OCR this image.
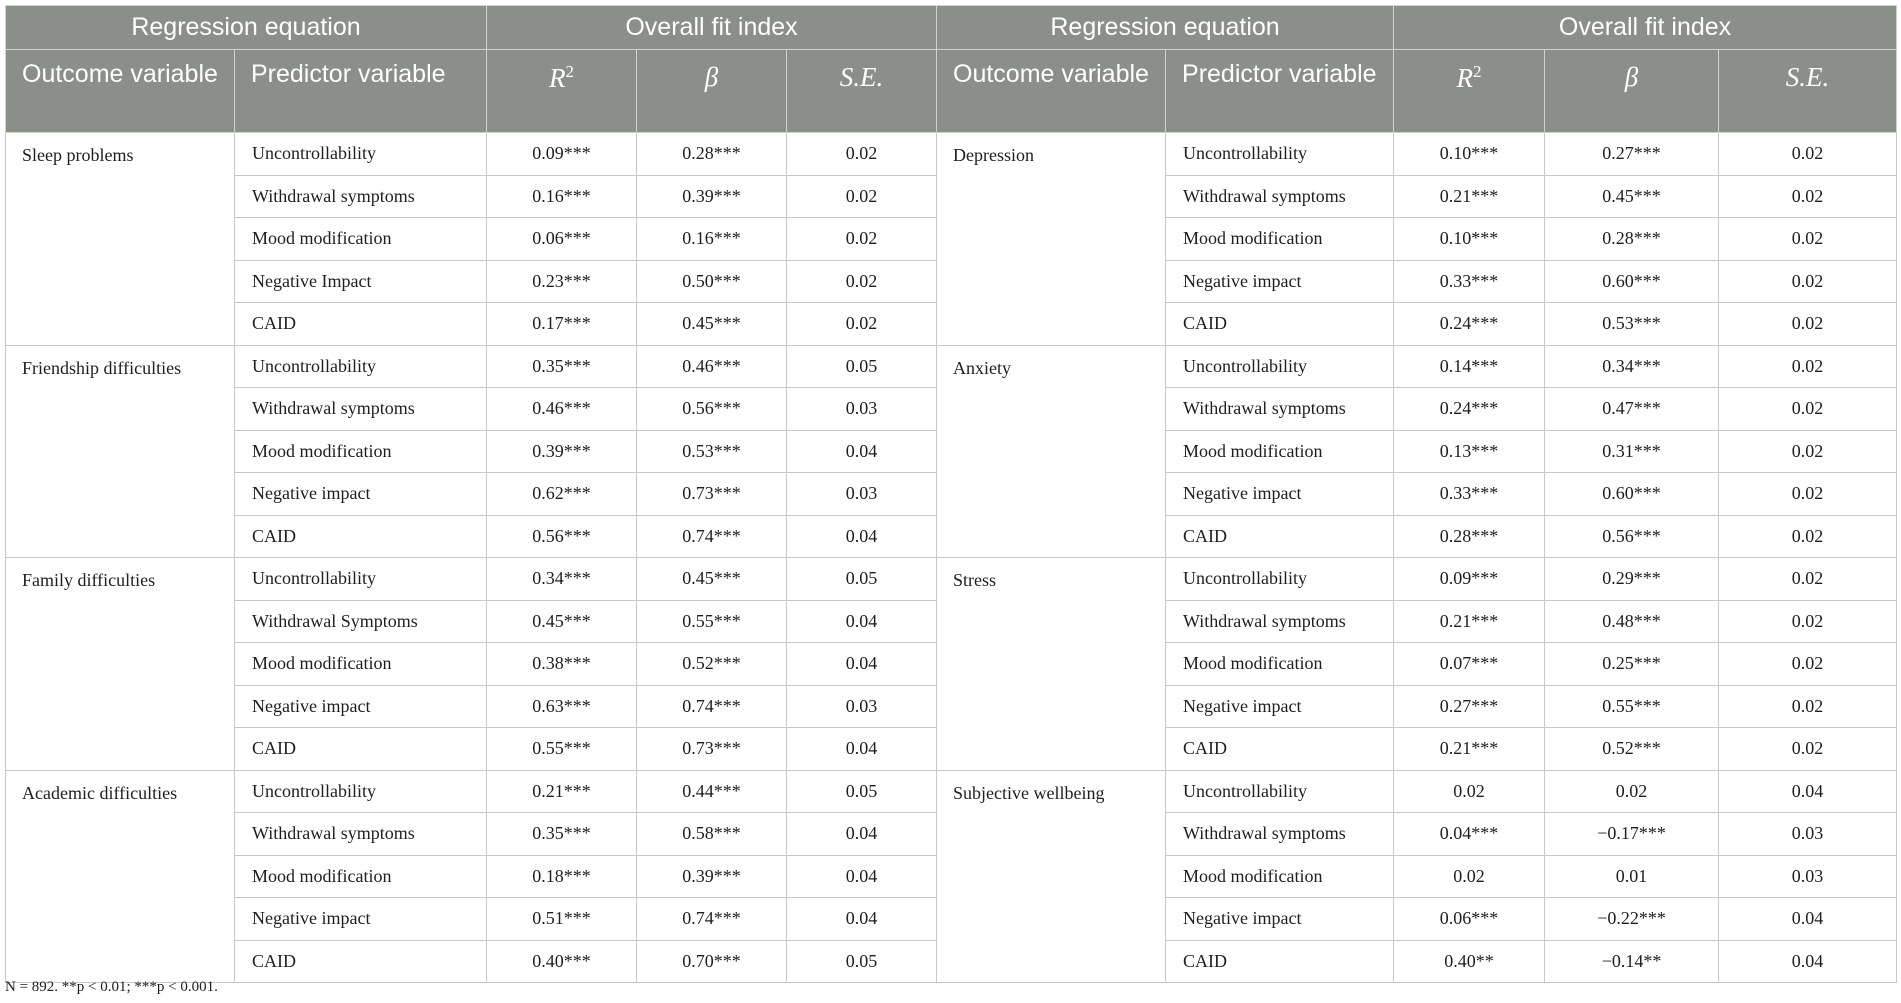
Regression equation		Overall fit index			Regression equation		Overall fit index		
Outcome variable	Predictor variable	$R^2$	β	S.E.	Outcome variable	Predictor variable	$R^2$	β	S.E.
Sleep problems	Uncontrollability	0.09***	0.28***	0.02	Depression	Uncontrollability	0.10***	0.27***	0.02
	Withdrawal symptoms	0.16***	0.39***	0.02		Withdrawal symptoms	0.21***	0.45***	0.02
	Mood modification	0.06***	0.16***	0.02		Mood modification	0.10***	0.28***	0.02
	Negative Impact	0.23***	0.50***	0.02		Negative impact	0.33***	0.60***	0.02
	CAID	0.17***	0.45***	0.02		CAID	0.24***	0.53***	0.02
Friendship difficulties	Uncontrollability	0.35***	0.46***	0.05	Anxiety	Uncontrollability	0.14***	0.34***	0.02
	Withdrawal symptoms	0.46***	0.56***	0.03		Withdrawal symptoms	0.24***	0.47***	0.02
	Mood modification	0.39***	0.53***	0.04		Mood modification	0.13***	0.31***	0.02
	Negative impact	0.62***	0.73***	0.03		Negative impact	0.33***	0.60***	0.02
	CAID	0.56***	0.74***	0.04		CAID	0.28***	0.56***	0.02
Family difficulties	Uncontrollability	0.34***	0.45***	0.05	Stress	Uncontrollability	0.09***	0.29***	0.02
	Withdrawal Symptoms	0.45***	0.55***	0.04		Withdrawal symptoms	0.21***	0.48***	0.02
	Mood modification	0.38***	0.52***	0.04		Mood modification	0.07***	0.25***	0.02
	Negative impact	0.63***	0.74***	0.03		Negative impact	0.27***	0.55***	0.02
	CAID	0.55***	0.73***	0.04		CAID	0.21***	0.52***	0.02
Academic difficulties	Uncontrollability	0.21***	0.44***	0.05	Subjective wellbeing	Uncontrollability	0.02	0.02	0.04
	Withdrawal symptoms	0.35***	0.58***	0.04		Withdrawal symptoms	0.04***	−0.17***	0.03
	Mood modification	0.18***	0.39***	0.04		Mood modification	0.02	0.01	0.03
	Negative impact	0.51***	0.74***	0.04		Negative impact	0.06***	−0.22***	0.04
	CAID	0.40***	0.70***	0.05		CAID	0.40**	−0.14**	0.04
N = 892. **p < 0.01; ***p < 0.001.
